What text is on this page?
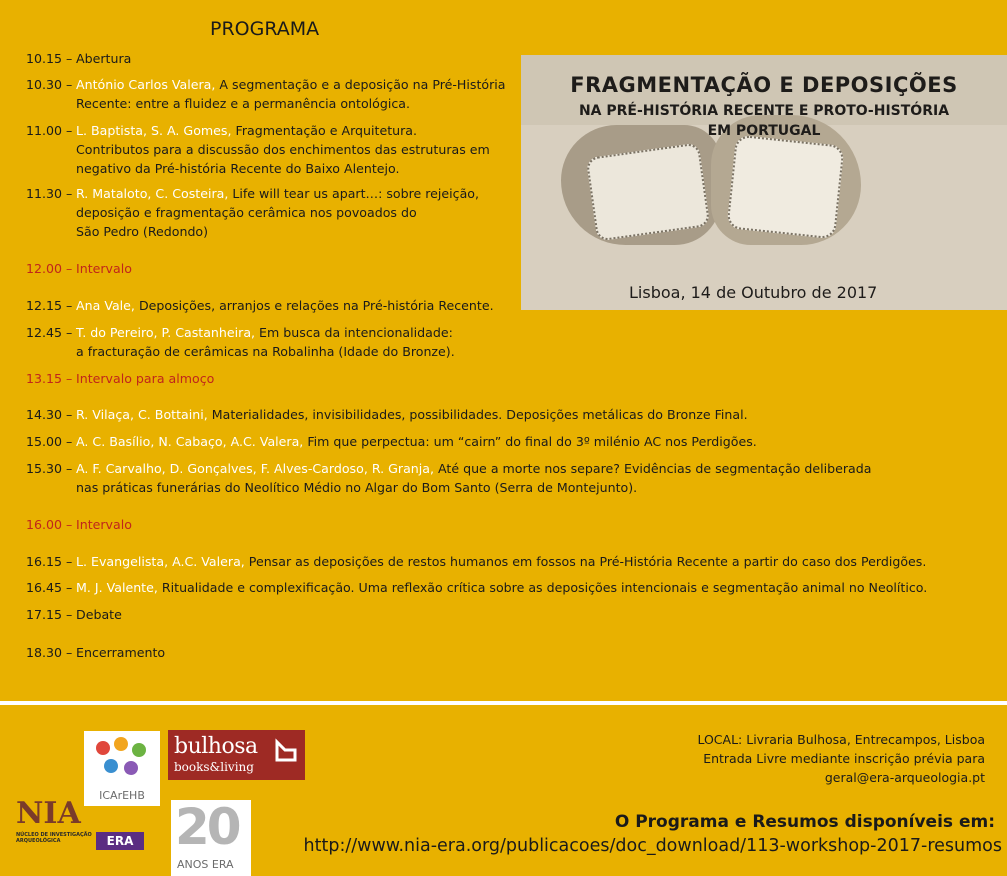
PROGRAMA
10.15 – Abertura
10.30 – António Carlos Valera, A segmentação e a deposição na Pré-História
Recente: entre a fluidez e a permanência ontológica.
11.00 – L. Baptista, S. A. Gomes, Fragmentação e Arquitetura.
Contributos para a discussão dos enchimentos das estruturas em
negativo da Pré-história Recente do Baixo Alentejo.
11.30 – R. Mataloto, C. Costeira, Life will tear us apart…: sobre rejeição,
deposição e fragmentação cerâmica nos povoados do
São Pedro (Redondo)
12.00 – Intervalo
12.15 – Ana Vale, Deposições, arranjos e relações na Pré-história Recente.
12.45 – T. do Pereiro, P. Castanheira, Em busca da intencionalidade:
a fracturação de cerâmicas na Robalinha (Idade do Bronze).
13.15 – Intervalo para almoço
14.30 – R. Vilaça, C. Bottaini, Materialidades, invisibilidades, possibilidades. Deposições metálicas do Bronze Final.
15.00 – A. C. Basílio, N. Cabaço, A.C. Valera, Fim que perpectua: um “cairn” do final do 3º milénio AC nos Perdigões.
15.30 – A. F. Carvalho, D. Gonçalves, F. Alves-Cardoso, R. Granja, Até que a morte nos separe? Evidências de segmentação deliberada
nas práticas funerárias do Neolítico Médio no Algar do Bom Santo (Serra de Montejunto).
16.00 – Intervalo
16.15 – L. Evangelista, A.C. Valera, Pensar as deposições de restos humanos em fossos na Pré-História Recente a partir do caso dos Perdigões.
16.45 – M. J. Valente, Ritualidade e complexificação. Uma reflexão crítica sobre as deposições intencionais e segmentação animal no Neolítico.
17.15 – Debate
18.30 – Encerramento
FRAGMENTAÇÃO E DEPOSIÇÕES
NA PRÉ-HISTÓRIA RECENTE E PROTO-HISTÓRIA
EM PORTUGAL
Lisboa, 14 de Outubro de 2017
ICArEHB
bulhosa
books&living
NIA
NÚCLEO DE INVESTIGAÇÃO ARQUEOLÓGICA	ERA 20
ANOS ERA
LOCAL: Livraria Bulhosa, Entrecampos, Lisboa
Entrada Livre mediante inscrição prévia para
geral@era-arqueologia.pt
O Programa e Resumos disponíveis em:
http://www.nia-era.org/publicacoes/doc_download/113-workshop-2017-resumos
